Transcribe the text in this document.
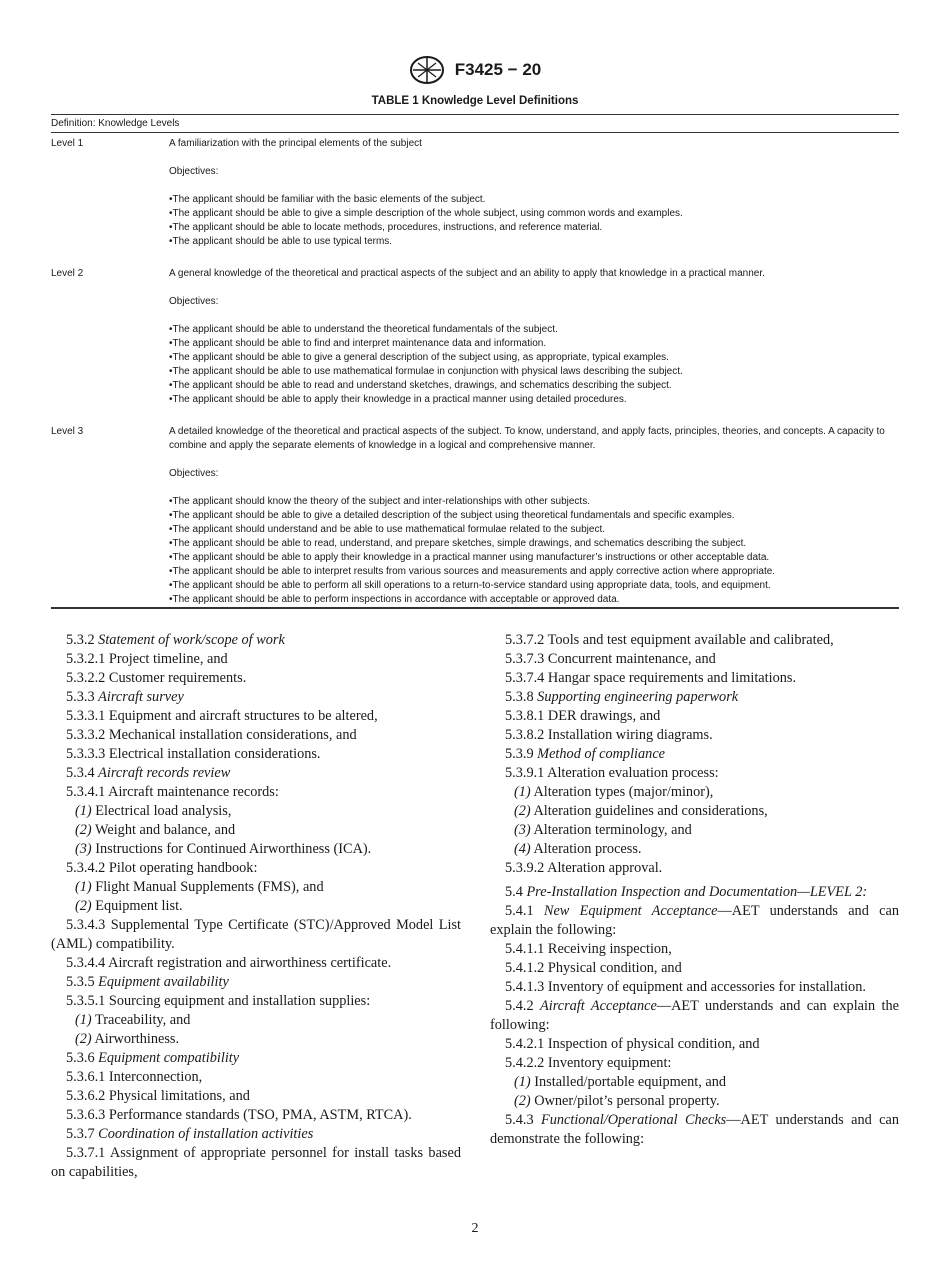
F3425 − 20
TABLE 1 Knowledge Level Definitions
Definition: Knowledge Levels
Level 1	A familiarization with the principal elements of the subject
Objectives:
• The applicant should be familiar with the basic elements of the subject.
• The applicant should be able to give a simple description of the whole subject, using common words and examples.
• The applicant should be able to locate methods, procedures, instructions, and reference material.
• The applicant should be able to use typical terms.
Level 2	A general knowledge of the theoretical and practical aspects of the subject and an ability to apply that knowledge in a practical manner.
Objectives:
• The applicant should be able to understand the theoretical fundamentals of the subject.
• The applicant should be able to find and interpret maintenance data and information.
• The applicant should be able to give a general description of the subject using, as appropriate, typical examples.
• The applicant should be able to use mathematical formulae in conjunction with physical laws describing the subject.
• The applicant should be able to read and understand sketches, drawings, and schematics describing the subject.
• The applicant should be able to apply their knowledge in a practical manner using detailed procedures.
Level 3	A detailed knowledge of the theoretical and practical aspects of the subject. To know, understand, and apply facts, principles, theories, and concepts. A capacity to combine and apply the separate elements of knowledge in a logical and comprehensive manner.
Objectives:
• The applicant should know the theory of the subject and inter-relationships with other subjects.
• The applicant should be able to give a detailed description of the subject using theoretical fundamentals and specific examples.
• The applicant should understand and be able to use mathematical formulae related to the subject.
• The applicant should be able to read, understand, and prepare sketches, simple drawings, and schematics describing the subject.
• The applicant should be able to apply their knowledge in a practical manner using manufacturer’s instructions or other acceptable data.
• The applicant should be able to interpret results from various sources and measurements and apply corrective action where appropriate.
• The applicant should be able to perform all skill operations to a return-to-service standard using appropriate data, tools, and equipment.
• The applicant should be able to perform inspections in accordance with acceptable or approved data.

5.3.2 Statement of work/scope of work

5.3.2.1 Project timeline, and

5.3.2.2 Customer requirements.

5.3.3 Aircraft survey

5.3.3.1 Equipment and aircraft structures to be altered,

5.3.3.2 Mechanical installation considerations, and

5.3.3.3 Electrical installation considerations.

5.3.4 Aircraft records review

5.3.4.1 Aircraft maintenance records:

(1) Electrical load analysis,

(2) Weight and balance, and

(3) Instructions for Continued Airworthiness (ICA).

5.3.4.2 Pilot operating handbook:

(1) Flight Manual Supplements (FMS), and

(2) Equipment list.

5.3.4.3 Supplemental Type Certificate (STC)/Approved Model List (AML) compatibility.

5.3.4.4 Aircraft registration and airworthiness certificate.

5.3.5 Equipment availability

5.3.5.1 Sourcing equipment and installation supplies:

(1) Traceability, and

(2) Airworthiness.

5.3.6 Equipment compatibility

5.3.6.1 Interconnection,

5.3.6.2 Physical limitations, and

5.3.6.3 Performance standards (TSO, PMA, ASTM, RTCA).

5.3.7 Coordination of installation activities

5.3.7.1 Assignment of appropriate personnel for install tasks based on capabilities,

5.3.7.2 Tools and test equipment available and calibrated,

5.3.7.3 Concurrent maintenance, and

5.3.7.4 Hangar space requirements and limitations.

5.3.8 Supporting engineering paperwork

5.3.8.1 DER drawings, and

5.3.8.2 Installation wiring diagrams.

5.3.9 Method of compliance

5.3.9.1 Alteration evaluation process:

(1) Alteration types (major/minor),

(2) Alteration guidelines and considerations,

(3) Alteration terminology, and

(4) Alteration process.

5.3.9.2 Alteration approval.

5.4 Pre-Installation Inspection and Documentation—LEVEL 2:

5.4.1 New Equipment Acceptance—AET understands and can explain the following:

5.4.1.1 Receiving inspection,

5.4.1.2 Physical condition, and

5.4.1.3 Inventory of equipment and accessories for installation.

5.4.2 Aircraft Acceptance—AET understands and can explain the following:

5.4.2.1 Inspection of physical condition, and

5.4.2.2 Inventory equipment:

(1) Installed/portable equipment, and

(2) Owner/pilot’s personal property.

5.4.3 Functional/Operational Checks—AET understands and can demonstrate the following:

2
